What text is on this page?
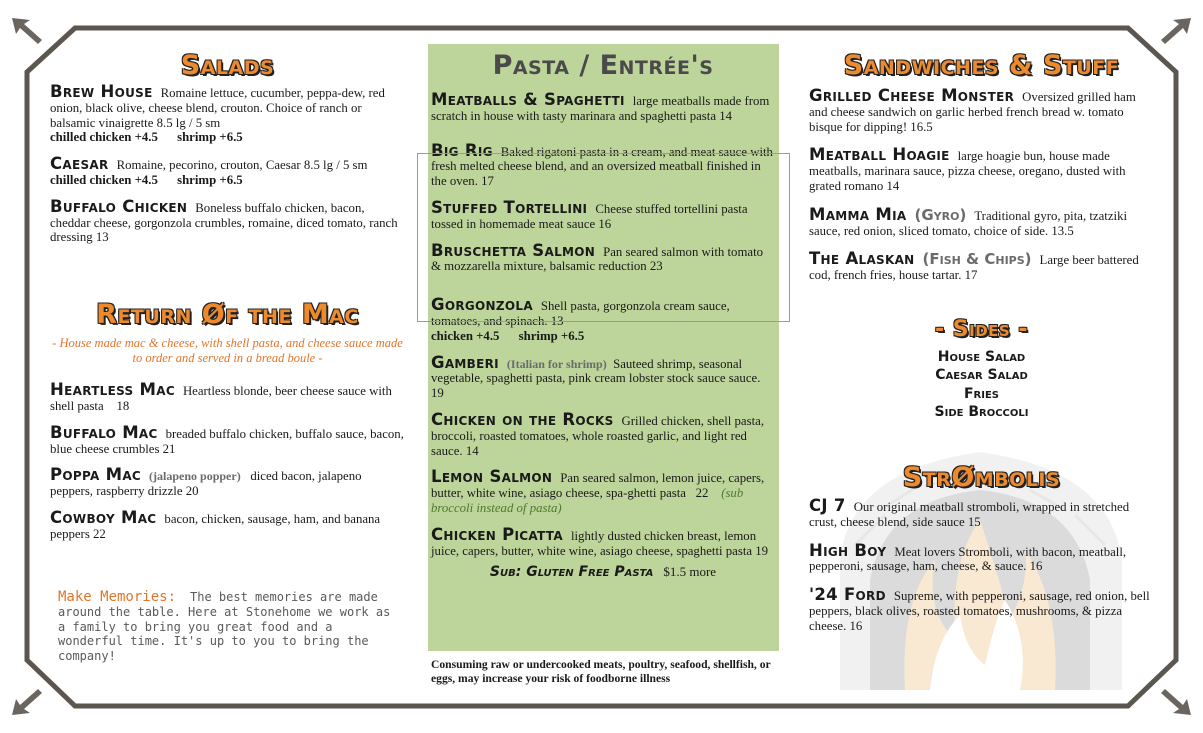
Salads

Brew House Romaine lettuce, cucumber, peppa-dew, red onion, black olive, cheese blend, crouton. Choice of ranch or balsamic vinaigrette 8.5 lg / 5 sm
chilled chicken +4.5      shrimp +6.5

Caesar Romaine, pecorino, crouton, Caesar 8.5 lg / 5 sm chilled chicken +4.5      shrimp +6.5

Buffalo Chicken Boneless buffalo chicken, bacon, cheddar cheese, gorgonzola crumbles, romaine, diced tomato, ranch dressing 13

Return Øf the Mac

- House made mac & cheese, with shell pasta, and cheese sauce made to order and served in a bread boule -

Heartless Mac Heartless blonde, beer cheese sauce with shell pasta    18

Buffalo Mac breaded buffalo chicken, buffalo sauce, bacon, blue cheese crumbles 21

Poppa Mac (jalapeno popper) diced bacon, jalapeno peppers, raspberry drizzle 20

Cowboy Mac bacon, chicken, sausage, ham, and banana peppers 22

Make Memories: The best memories are made around the table. Here at Stonehome we work as a family to bring you great food and a wonderful time. It's up to you to bring the company!
Pasta / Entrée's

Meatballs & Spaghetti large meatballs made from scratch in house with tasty marinara and spaghetti pasta 14

Big Rig Baked rigatoni pasta in a cream, and meat sauce with fresh melted cheese blend, and an oversized meatball finished in the oven. 17

Stuffed Tortellini Cheese stuffed tortellini pasta tossed in homemade meat sauce 16

Bruschetta Salmon Pan seared salmon with tomato & mozzarella mixture, balsamic reduction 23

Gorgonzola Shell pasta, gorgonzola cream sauce, tomatoes, and spinach. 13
chicken +4.5      shrimp +6.5

Gamberi (Italian for shrimp) Sauteed shrimp, seasonal vegetable, spaghetti pasta, pink cream lobster stock sauce sauce. 19

Chicken on the Rocks Grilled chicken, shell pasta, broccoli, roasted tomatoes, whole roasted garlic, and light red sauce. 14

Lemon Salmon Pan seared salmon, lemon juice, capers, butter, white wine, asiago cheese, spa-ghetti pasta   22 (sub broccoli instead of pasta)

Chicken Picatta lightly dusted chicken breast, lemon juice, capers, butter, white wine, asiago cheese, spaghetti pasta 19

Sub: Gluten Free Pasta $1.5 more
Consuming raw or undercooked meats, poultry, seafood, shellfish, or eggs, may increase your risk of foodborne illness
Sandwiches & Stuff

Grilled Cheese Monster Oversized grilled ham and cheese sandwich on garlic herbed french bread w. tomato bisque for dipping! 16.5

Meatball Hoagie large hoagie bun, house made meatballs, marinara sauce, pizza cheese, oregano, dusted with grated romano 14

Mamma Mia (Gyro) Traditional gyro, pita, tzatziki sauce, red onion, sliced tomato, choice of side. 13.5

The Alaskan (Fish & Chips) Large beer battered cod, french fries, house tartar. 17

- Sides -
House Salad
Caesar Salad
Fries
Side Broccoli
StrØmbolis

CJ 7 Our original meatball stromboli, wrapped in stretched crust, cheese blend, side sauce 15

High Boy Meat lovers Stromboli, with bacon, meatball, pepperoni, sausage, ham, cheese, & sauce. 16

'24 Ford Supreme, with pepperoni, sausage, red onion, bell peppers, black olives, roasted tomatoes, mushrooms, & pizza cheese. 16
